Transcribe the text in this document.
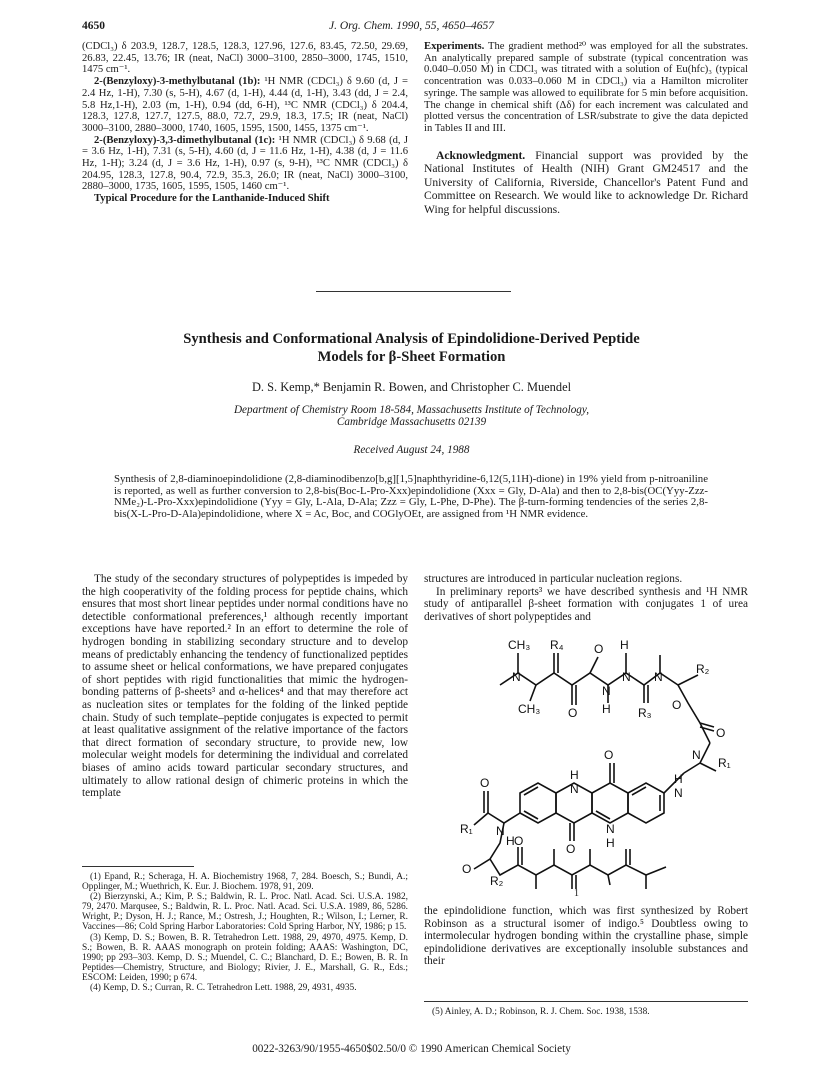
4650	J. Org. Chem. 1990, 55, 4650–4657

(CDCl₃) δ 203.9, 128.7, 128.5, 128.3, 127.96, 127.6, 83.45, 72.50, 29.69, 26.83, 22.45, 13.76; IR (neat, NaCl) 3000–3100, 2850–3000, 1745, 1510, 1475 cm⁻¹.

2-(Benzyloxy)-3-methylbutanal (1b): ¹H NMR (CDCl₃) δ 9.60 (d, J = 2.4 Hz, 1-H), 7.30 (s, 5-H), 4.67 (d, 1-H), 4.44 (d, 1-H), 3.43 (dd, J = 2.4, 5.8 Hz,1-H), 2.03 (m, 1-H), 0.94 (dd, 6-H), ¹³C NMR (CDCl₃) δ 204.4, 128.3, 127.8, 127.7, 127.5, 88.0, 72.7, 29.9, 18.3, 17.5; IR (neat, NaCl) 3000–3100, 2880–3000, 1740, 1605, 1595, 1500, 1455, 1375 cm⁻¹.

2-(Benzyloxy)-3,3-dimethylbutanal (1c): ¹H NMR (CDCl₃) δ 9.68 (d, J = 3.6 Hz, 1-H), 7.31 (s, 5-H), 4.60 (d, J = 11.6 Hz, 1-H), 4.38 (d, J = 11.6 Hz, 1-H); 3.24 (d, J = 3.6 Hz, 1-H), 0.97 (s, 9-H), ¹³C NMR (CDCl₃) δ 204.95, 128.3, 127.8, 90.4, 72.9, 35.3, 26.0; IR (neat, NaCl) 3000–3100, 2880–3000, 1735, 1605, 1595, 1505, 1460 cm⁻¹.

Typical Procedure for the Lanthanide-Induced Shift

Experiments. The gradient method²⁰ was employed for all the substrates. An analytically prepared sample of substrate (typical concentration was 0.040–0.050 M) in CDCl₃ was titrated with a solution of Eu(hfc)₃ (typical concentration was 0.033–0.060 M in CDCl₃) via a Hamilton microliter syringe. The sample was allowed to equilibrate for 5 min before acquisition. The change in chemical shift (Δδ) for each increment was calculated and plotted versus the concentration of LSR/substrate to give the data depicted in Tables II and III.

Acknowledgment. Financial support was provided by the National Institutes of Health (NIH) Grant GM24517 and the University of California, Riverside, Chancellor's Patent Fund and Committee on Research. We would like to acknowledge Dr. Richard Wing for helpful discussions.

Synthesis and Conformational Analysis of Epindolidione-Derived Peptide
Models for β-Sheet Formation
D. S. Kemp,* Benjamin R. Bowen, and Christopher C. Muendel
Department of Chemistry Room 18-584, Massachusetts Institute of Technology,
Cambridge Massachusetts 02139
Received August 24, 1988
Synthesis of 2,8-diaminoepindolidione (2,8-diaminodibenzo[b,g][1,5]naphthyridine-6,12(5,11H)-dione) in 19% yield from p-nitroaniline is reported, as well as further conversion to 2,8-bis(Boc-L-Pro-Xxx)epindolidione (Xxx = Gly, D-Ala) and then to 2,8-bis(OC(Yyy-Zzz-NMe₂)-L-Pro-Xxx)epindolidione (Yyy = Gly, L-Ala, D-Ala; Zzz = Gly, L-Phe, D-Phe). The β-turn-forming tendencies of the series 2,8-bis(X-L-Pro-D-Ala)epindolidione, where X = Ac, Boc, and COGlyOEt, are assigned from ¹H NMR evidence.

The study of the secondary structures of polypeptides is impeded by the high cooperativity of the folding process for peptide chains, which ensures that most short linear peptides under normal conditions have no detectible conformational preferences,¹ although recently important exceptions have have reported.² In an effort to determine the role of hydrogen bonding in stabilizing secondary structure and to develop means of predictably enhancing the tendency of functionalized peptides to assume sheet or helical conformations, we have prepared conjugates of short peptides with rigid functionalities that mimic the hydrogen-bonding patterns of β-sheets³ and α-helices⁴ and that may therefore act as nucleation sites or templates for the folding of the linked peptide chain. Study of such template–peptide conjugates is expected to permit at least qualitative assignment of the relative importance of the factors that direct formation of secondary structure, to provide new, low molecular weight models for determining the individual and correlated biases of amino acids toward particular secondary structures, and ultimately to allow rational design of chimeric proteins in which the template

structures are introduced in particular nucleation regions.

In preliminary reports³ we have described synthesis and ¹H NMR study of antiparallel β-sheet formation with conjugates 1 of urea derivatives of short polypeptides and

CH₃
N
CH₃
R₄
O
O
N
H
H
N
R₃
N
R₂
O
O
N
R₁
O
H
N
N
H
O
H
N
O
R₁ N
H
O
R₂
O
1

the epindolidione function, which was first synthesized by Robert Robinson as a structural isomer of indigo.⁵ Doubtless owing to intermolecular hydrogen bonding within the crystalline phase, simple epindolidione derivatives are exceptionally insoluble substances and their

(1) Epand, R.; Scheraga, H. A. Biochemistry 1968, 7, 284. Boesch, S.; Bundi, A.; Opplinger, M.; Wuethrich, K. Eur. J. Biochem. 1978, 91, 209.

(2) Bierzynski, A.; Kim, P. S.; Baldwin, R. L. Proc. Natl. Acad. Sci. U.S.A. 1982, 79, 2470. Marqusee, S.; Baldwin, R. L. Proc. Natl. Acad. Sci. U.S.A. 1989, 86, 5286. Wright, P.; Dyson, H. J.; Rance, M.; Ostresh, J.; Houghten, R.; Wilson, I.; Lerner, R. Vaccines—86; Cold Spring Harbor Laboratories: Cold Spring Harbor, NY, 1986; p 15.

(3) Kemp, D. S.; Bowen, B. R. Tetrahedron Lett. 1988, 29, 4970, 4975. Kemp, D. S.; Bowen, B. R. AAAS monograph on protein folding; AAAS: Washington, DC, 1990; pp 293–303. Kemp, D. S.; Muendel, C. C.; Blanchard, D. E.; Bowen, B. R. In Peptides—Chemistry, Structure, and Biology; Rivier, J. E., Marshall, G. R., Eds.; ESCOM: Leiden, 1990; p 674.

(4) Kemp, D. S.; Curran, R. C. Tetrahedron Lett. 1988, 29, 4931, 4935.

(5) Ainley, A. D.; Robinson, R. J. Chem. Soc. 1938, 1538.
0022-3263/90/1955-4650$02.50/0 © 1990 American Chemical Society
